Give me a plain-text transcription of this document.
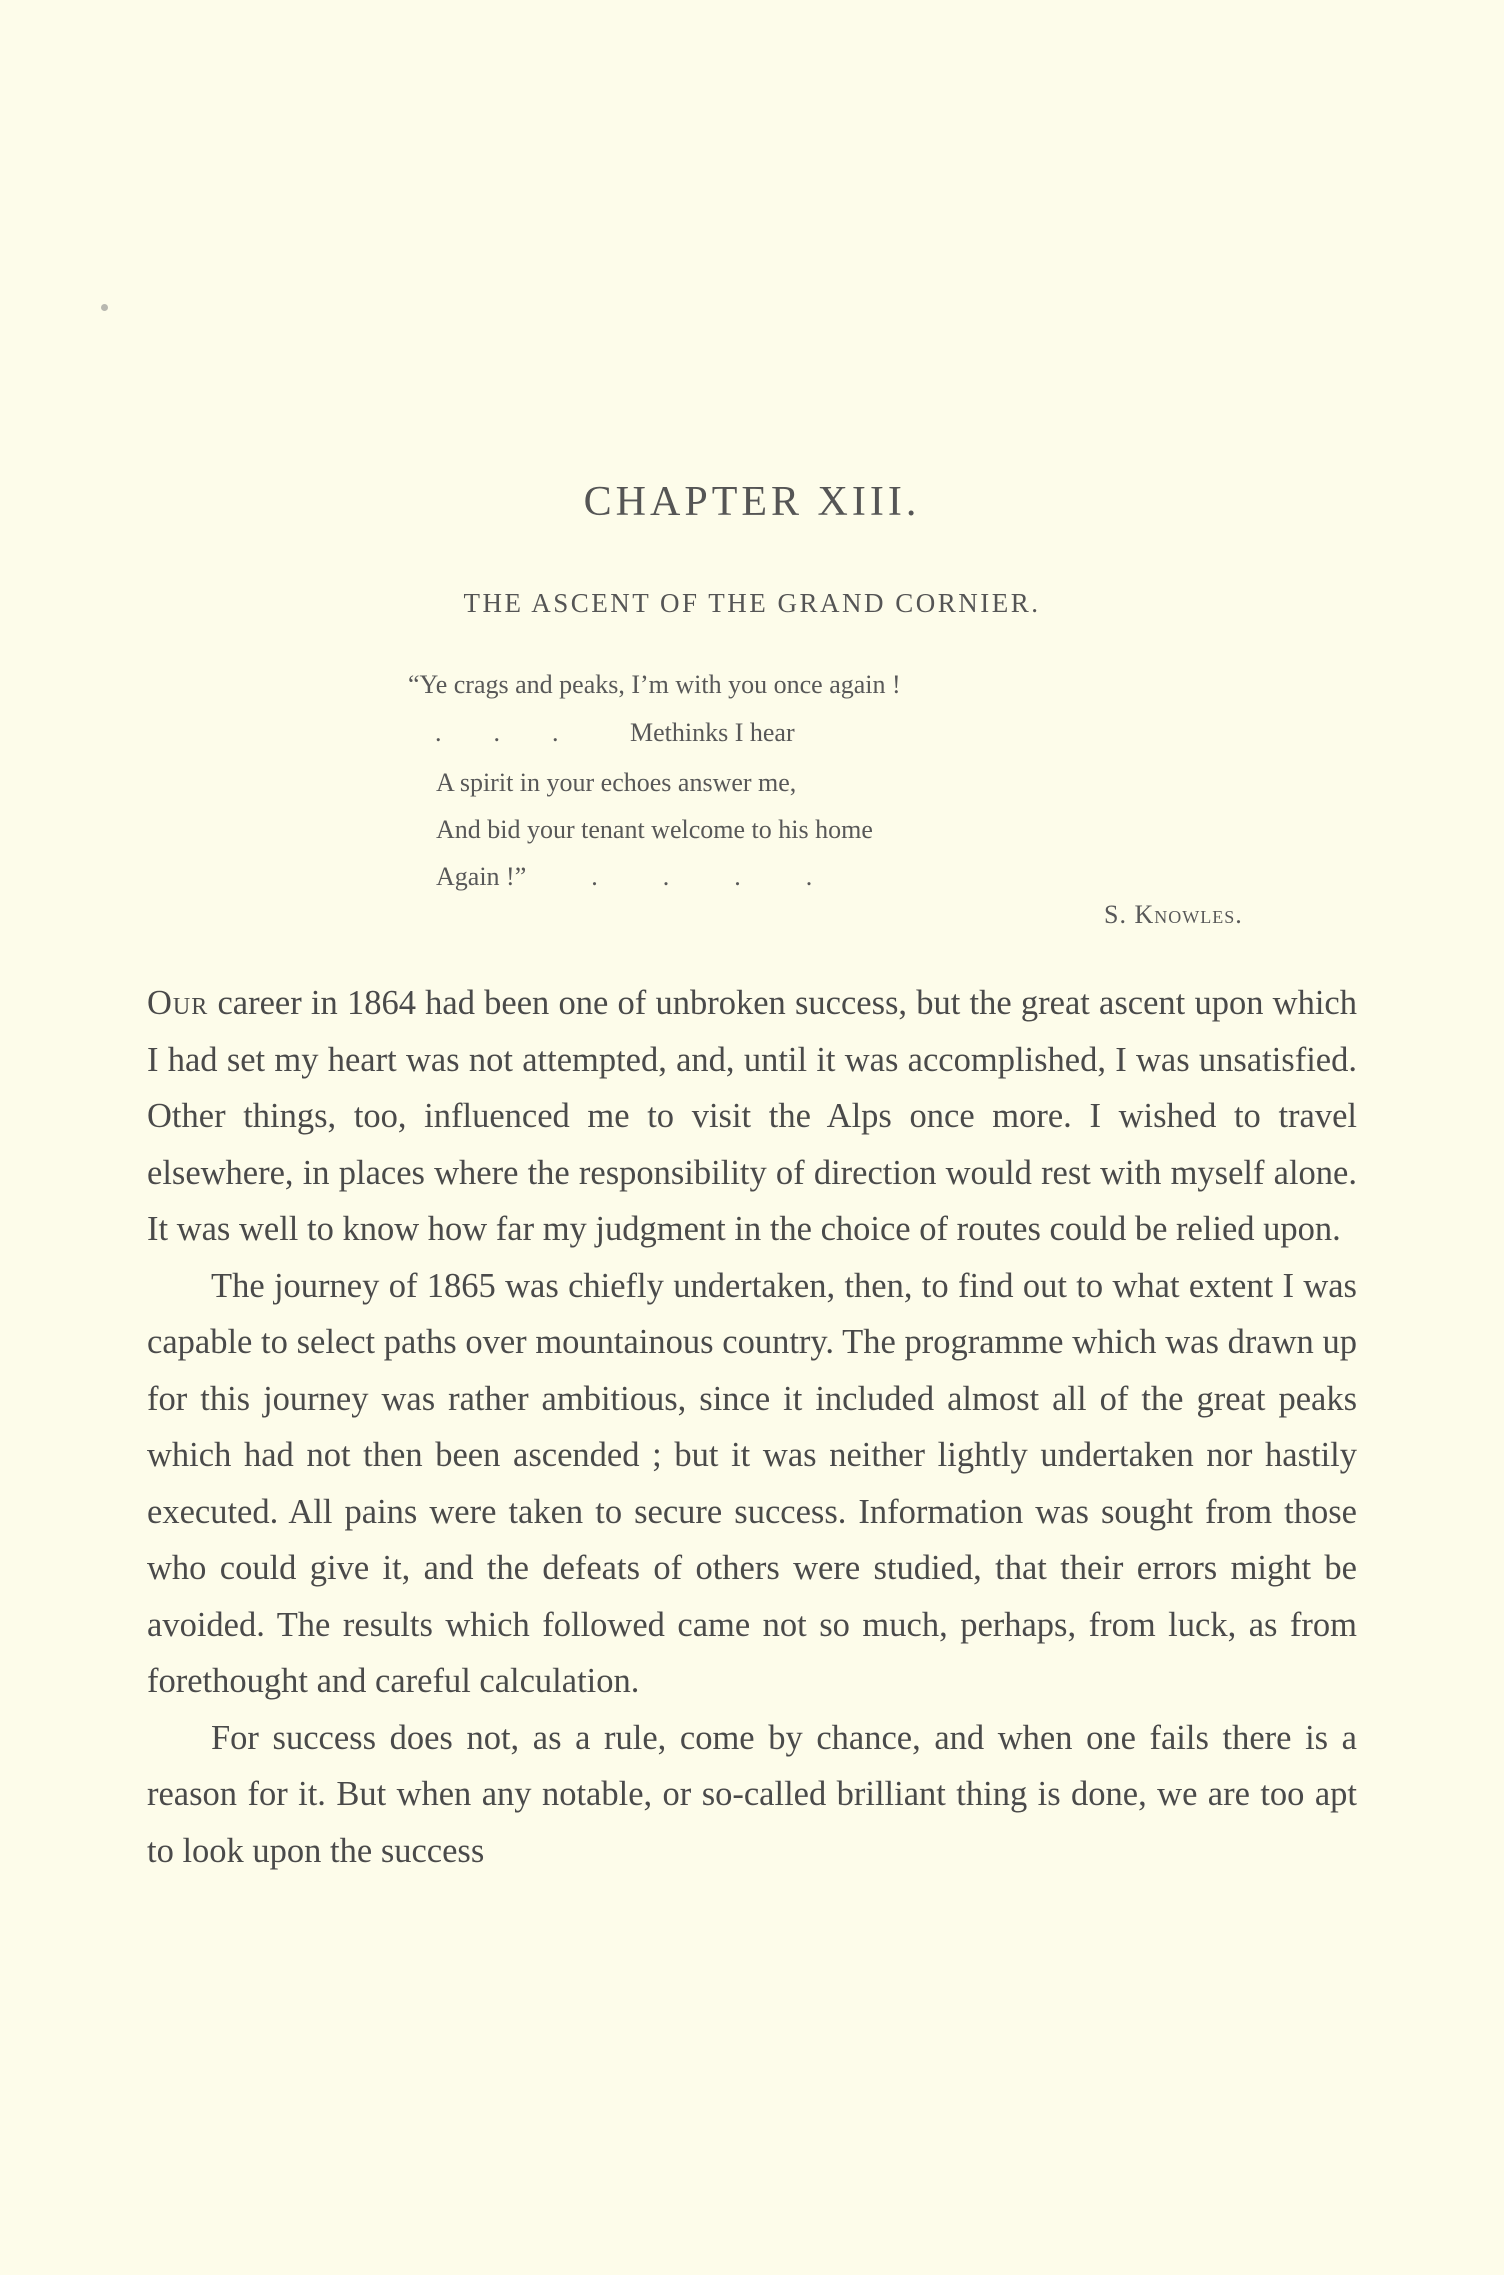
CHAPTER XIII.
THE ASCENT OF THE GRAND CORNIER.
“Ye crags and peaks, I’m with you once again !
.        .        .           Methinks I hear
A spirit in your echoes answer me,
And bid your tenant welcome to his home
Again !”          .          .          .          .
S. Knowles.

Our career in 1864 had been one of unbroken success, but the great ascent upon which I had set my heart was not attempted, and, until it was accomplished, I was unsatisfied. Other things, too, influenced me to visit the Alps once more. I wished to travel elsewhere, in places where the responsibility of direction would rest with myself alone. It was well to know how far my judgment in the choice of routes could be relied upon.

The journey of 1865 was chiefly undertaken, then, to find out to what extent I was capable to select paths over mountainous country. The programme which was drawn up for this journey was rather ambitious, since it included almost all of the great peaks which had not then been ascended ; but it was neither lightly undertaken nor hastily executed. All pains were taken to secure success. Information was sought from those who could give it, and the defeats of others were studied, that their errors might be avoided. The results which followed came not so much, perhaps, from luck, as from forethought and careful calculation.

For success does not, as a rule, come by chance, and when one fails there is a reason for it. But when any notable, or so-called brilliant thing is done, we are too apt to look upon the success
